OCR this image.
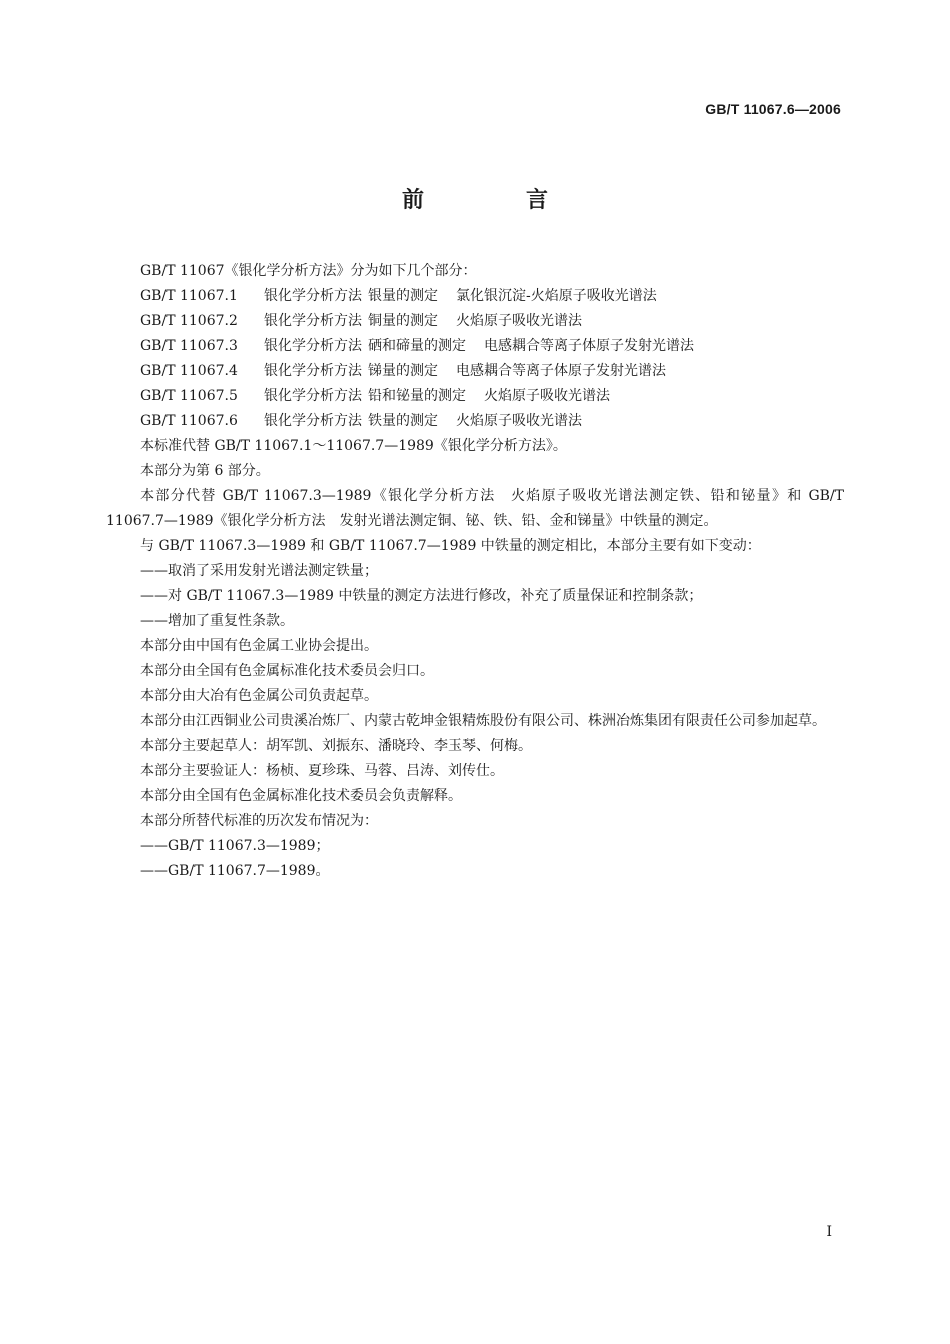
GB/T 11067.6—2006
前　言

GB/T 11067《银化学分析方法》分为如下几个部分：

GB/T 11067.1 银化学分析方法 银量的测定 氯化银沉淀-火焰原子吸收光谱法
GB/T 11067.2 银化学分析方法 铜量的测定 火焰原子吸收光谱法
GB/T 11067.3 银化学分析方法 硒和碲量的测定 电感耦合等离子体原子发射光谱法
GB/T 11067.4 银化学分析方法 锑量的测定 电感耦合等离子体原子发射光谱法
GB/T 11067.5 银化学分析方法 铅和铋量的测定 火焰原子吸收光谱法
GB/T 11067.6 银化学分析方法 铁量的测定 火焰原子吸收光谱法

本标准代替 GB/T 11067.1～11067.7—1989《银化学分析方法》。

本部分为第 6 部分。

本部分代替 GB/T 11067.3—1989《银化学分析方法　火焰原子吸收光谱法测定铁、铅和铋量》和 GB/T 11067.7—1989《银化学分析方法　发射光谱法测定铜、铋、铁、铅、金和锑量》中铁量的测定。

与 GB/T 11067.3—1989 和 GB/T 11067.7—1989 中铁量的测定相比，本部分主要有如下变动：

——取消了采用发射光谱法测定铁量；

——对 GB/T 11067.3—1989 中铁量的测定方法进行修改，补充了质量保证和控制条款；

——增加了重复性条款。

本部分由中国有色金属工业协会提出。

本部分由全国有色金属标准化技术委员会归口。

本部分由大冶有色金属公司负责起草。

本部分由江西铜业公司贵溪冶炼厂、内蒙古乾坤金银精炼股份有限公司、株洲冶炼集团有限责任公司参加起草。

本部分主要起草人：胡军凯、刘振东、潘晓玲、李玉琴、何梅。

本部分主要验证人：杨桢、夏珍珠、马蓉、吕涛、刘传仕。

本部分由全国有色金属标准化技术委员会负责解释。

本部分所替代标准的历次发布情况为：

——GB/T 11067.3—1989；

——GB/T 11067.7—1989。

I
